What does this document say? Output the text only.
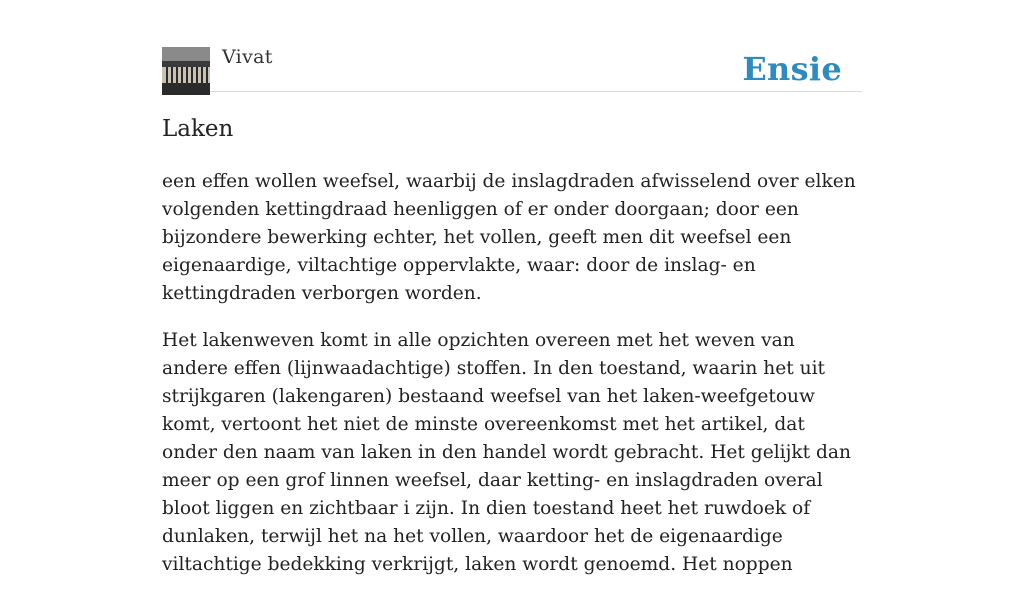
Vivat	Ensie
Laken

een effen wollen weefsel, waarbij de inslagdraden afwisselend over elken volgenden kettingdraad heenliggen of er onder doorgaan; door een bijzondere bewerking echter, het vollen, geeft men dit weefsel een eigenaardige, viltachtige oppervlakte, waar: door de inslag- en kettingdraden verborgen worden.

Het lakenweven komt in alle opzichten overeen met het weven van andere effen (lijnwaadachtige) stoffen. In den toestand, waarin het uit strijkgaren (lakengaren) bestaand weefsel van het laken-weefgetouw komt, vertoont het niet de minste overeenkomst met het artikel, dat onder den naam van laken in den handel wordt gebracht. Het gelijkt dan meer op een grof linnen weefsel, daar ketting- en inslagdraden overal bloot liggen en zichtbaar i zijn. In dien toestand heet het ruwdoek of dunlaken, terwijl het na het vollen, waardoor het de eigenaardige viltachtige bedekking verkrijgt, laken wordt genoemd. Het noppen
